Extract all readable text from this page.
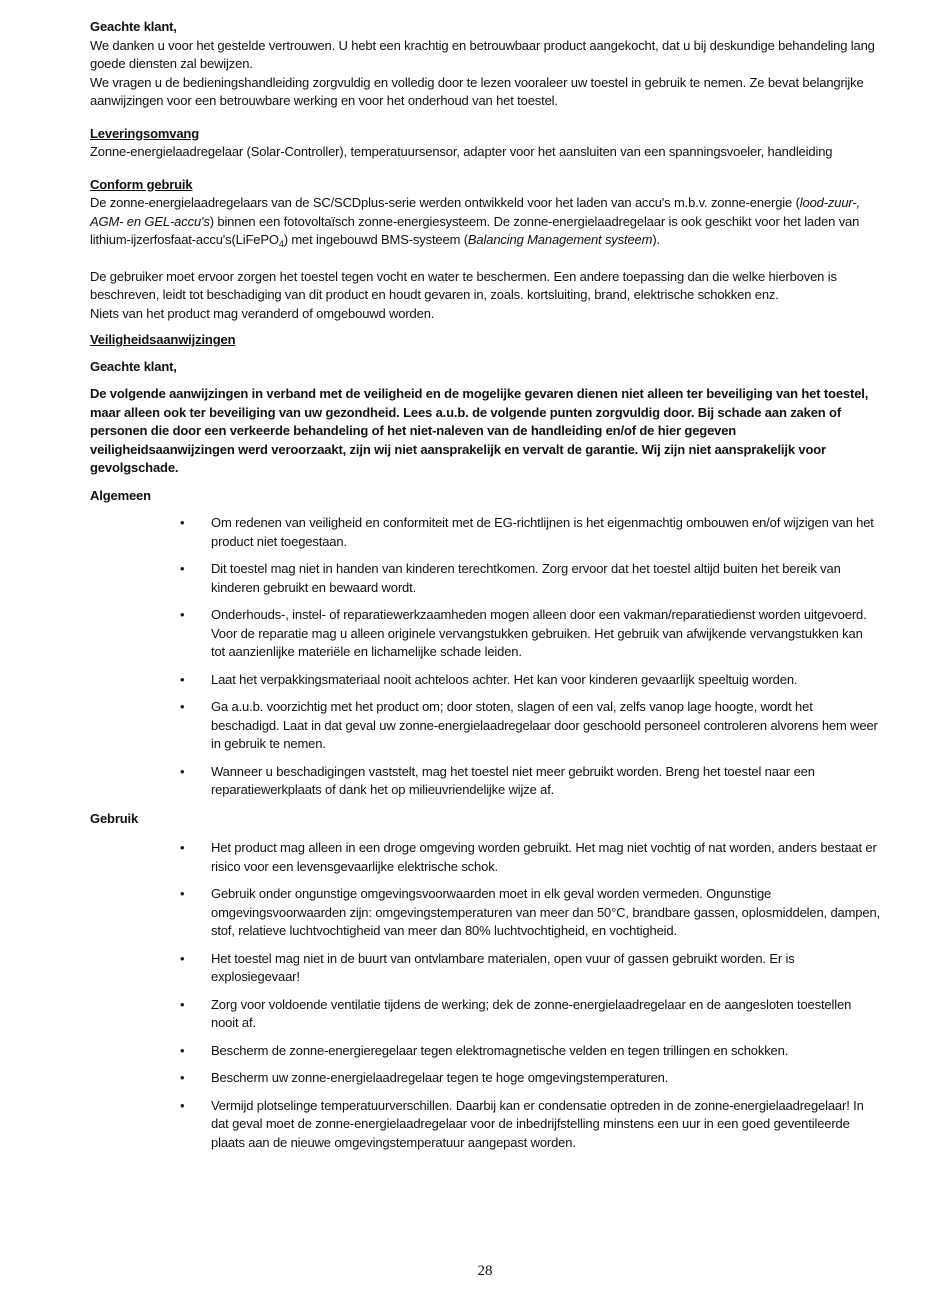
Geachte klant,

We danken u voor het gestelde vertrouwen. U hebt een krachtig en betrouwbaar product aangekocht, dat u bij deskundige behandeling lang goede diensten zal bewijzen.

We vragen u de bedieningshandleiding zorgvuldig en volledig door te lezen vooraleer uw toestel in gebruik te nemen. Ze bevat belangrijke aanwijzingen voor een betrouwbare werking en voor het onderhoud van het toestel.

Leveringsomvang

Zonne-energielaadregelaar (Solar-Controller), temperatuursensor, adapter voor het aansluiten van een spanningsvoeler, handleiding

Conform gebruik

De zonne-energielaadregelaars van de SC/SCDplus-serie werden ontwikkeld voor het laden van accu's m.b.v. zonne-energie (lood-zuur-, AGM- en GEL-accu's) binnen een fotovoltaïsch zonne-energiesysteem. De zonne-energielaadregelaar is ook geschikt voor het laden van lithium-ijzerfosfaat-accu's(LiFePO$_4$) met ingebouwd BMS-systeem (Balancing Management systeem).

De gebruiker moet ervoor zorgen het toestel tegen vocht en water te beschermen. Een andere toepassing dan die welke hierboven is beschreven, leidt tot beschadiging van dit product en houdt gevaren in, zoals. kortsluiting, brand, elektrische schokken enz.

Niets van het product mag veranderd of omgebouwd worden.

Veiligheidsaanwijzingen

Geachte klant,

De volgende aanwijzingen in verband met de veiligheid en de mogelijke gevaren dienen niet alleen ter beveiliging van het toestel, maar alleen ook ter beveiliging van uw gezondheid. Lees a.u.b. de volgende punten zorgvuldig door. Bij schade aan zaken of personen die door een verkeerde behandeling of het niet-naleven van de handleiding en/of de hier gegeven veiligheidsaanwijzingen werd veroorzaakt, zijn wij niet aansprakelijk en vervalt de garantie. Wij zijn niet aansprakelijk voor gevolgschade.

Algemeen

• Om redenen van veiligheid en conformiteit met de EG-richtlijnen is het eigenmachtig ombouwen en/of wijzigen van het product niet toegestaan.
• Dit toestel mag niet in handen van kinderen terechtkomen. Zorg ervoor dat het toestel altijd buiten het bereik van kinderen gebruikt en bewaard wordt.
• Onderhouds-, instel- of reparatiewerkzaamheden mogen alleen door een vakman/reparatiedienst worden uitgevoerd. Voor de reparatie mag u alleen originele vervangstukken gebruiken. Het gebruik van afwijkende vervangstukken kan tot aanzienlijke materiële en lichamelijke schade leiden.
• Laat het verpakkingsmateriaal nooit achteloos achter. Het kan voor kinderen gevaarlijk speeltuig worden.
• Ga a.u.b. voorzichtig met het product om; door stoten, slagen of een val, zelfs vanop lage hoogte, wordt het beschadigd. Laat in dat geval uw zonne-energielaadregelaar door geschoold personeel controleren alvorens hem weer in gebruik te nemen.
• Wanneer u beschadigingen vaststelt, mag het toestel niet meer gebruikt worden. Breng het toestel naar een reparatiewerkplaats of dank het op milieuvriendelijke wijze af.

Gebruik

• Het product mag alleen in een droge omgeving worden gebruikt. Het mag niet vochtig of nat worden, anders bestaat er risico voor een levensgevaarlijke elektrische schok.
• Gebruik onder ongunstige omgevingsvoorwaarden moet in elk geval worden vermeden. Ongunstige omgevingsvoorwaarden zijn: omgevingstemperaturen van meer dan 50°C, brandbare gassen, oplosmiddelen, dampen, stof, relatieve luchtvochtigheid van meer dan 80% luchtvochtigheid, en vochtigheid.
• Het toestel mag niet in de buurt van ontvlambare materialen, open vuur of gassen gebruikt worden. Er is explosiegevaar!
• Zorg voor voldoende ventilatie tijdens de werking; dek de zonne-energielaadregelaar en de aangesloten toestellen nooit af.
• Bescherm de zonne-energieregelaar tegen elektromagnetische velden en tegen trillingen en schokken.
• Bescherm uw zonne-energielaadregelaar tegen te hoge omgevingstemperaturen.
• Vermijd plotselinge temperatuurverschillen. Daarbij kan er condensatie optreden in de zonne-energielaadregelaar! In dat geval moet de zonne-energielaadregelaar voor de inbedrijfstelling minstens een uur in een goed geventileerde plaats aan de nieuwe omgevingstemperatuur aangepast worden.
28
